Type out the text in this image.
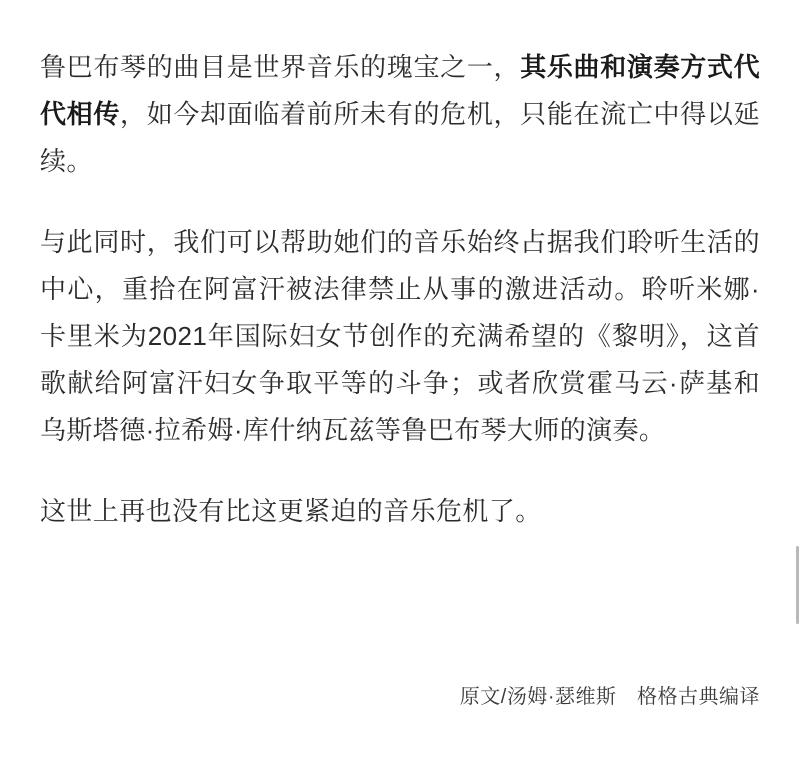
鲁巴布琴的曲目是世界音乐的瑰宝之一，其乐曲和演奏方式代代相传，如今却面临着前所未有的危机，只能在流亡中得以延续。

与此同时，我们可以帮助她们的音乐始终占据我们聆听生活的中心，重拾在阿富汗被法律禁止从事的激进活动。聆听米娜·卡里米为2021年国际妇女节创作的充满希望的《黎明》，这首歌献给阿富汗妇女争取平等的斗争；或者欣赏霍马云·萨基和乌斯塔德·拉希姆·库什纳瓦兹等鲁巴布琴大师的演奏。

这世上再也没有比这更紧迫的音乐危机了。

原文/汤姆·瑟维斯　格格古典编译
